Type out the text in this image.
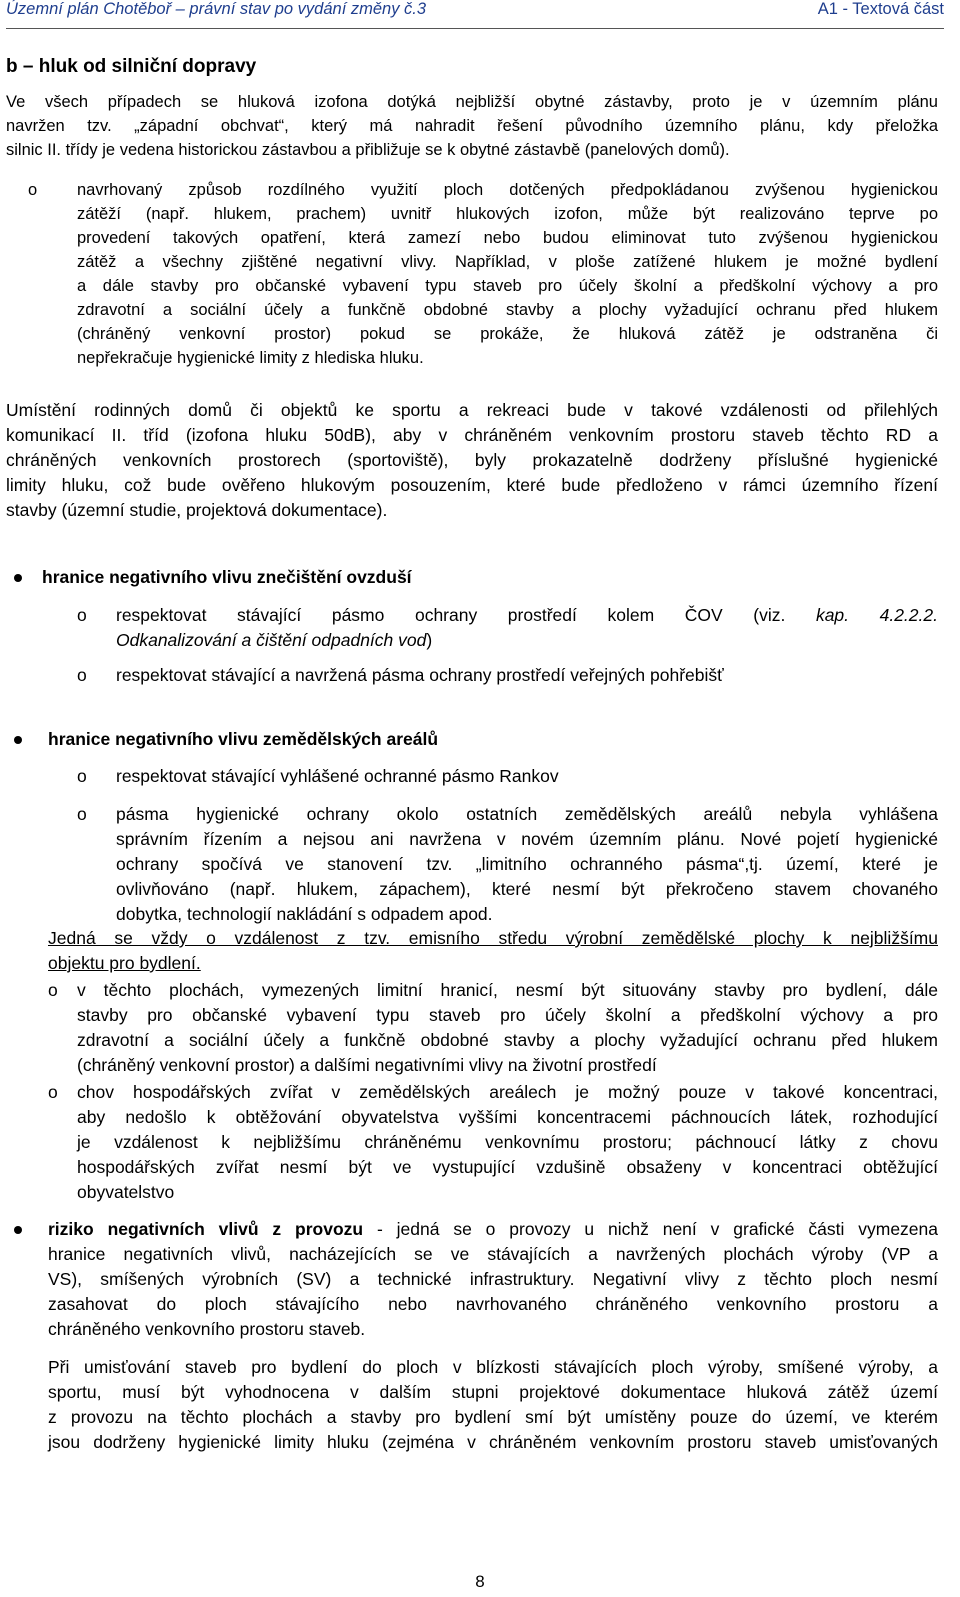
Územní plán Chotěboř – právní stav po vydání změny č.3	A1 - Textová část
b – hluk od silniční dopravy
Ve všech případech se hluková izofona dotýká nejbližší obytné zástavby, proto je v územním plánu
navržen tzv. „západní obchvat“, který má nahradit řešení původního územního plánu, kdy přeložka
silnic II. třídy je vedena historickou zástavbou a přibližuje se k obytné zástavbě (panelových domů).
o navrhovaný způsob rozdílného využití ploch dotčených předpokládanou zvýšenou hygienickou
zátěží (např. hlukem, prachem) uvnitř hlukových izofon, může být realizováno teprve po
provedení takových opatření, která zamezí nebo budou eliminovat tuto zvýšenou hygienickou
zátěž a všechny zjištěné negativní vlivy. Například, v ploše zatížené hlukem je možné bydlení
a dále stavby pro občanské vybavení typu staveb pro účely školní a předškolní výchovy a pro
zdravotní a sociální účely a funkčně obdobné stavby a plochy vyžadující ochranu před hlukem
(chráněný venkovní prostor) pokud se prokáže, že hluková zátěž je odstraněna či
nepřekračuje hygienické limity z hlediska hluku.
Umístění rodinných domů či objektů ke sportu a rekreaci bude v takové vzdálenosti od přilehlých
komunikací II. tříd (izofona hluku 50dB), aby v chráněném venkovním prostoru staveb těchto RD a
chráněných venkovních prostorech (sportoviště), byly prokazatelně dodrženy příslušné hygienické
limity hluku, což bude ověřeno hlukovým posouzením, které bude předloženo v rámci územního řízení
stavby (územní studie, projektová dokumentace).
hranice negativního vlivu znečištění ovzduší
o respektovat stávající pásmo ochrany prostředí kolem ČOV (viz. kap. 4.2.2.2.
Odkanalizování a čištění odpadních vod)
o respektovat stávající a navržená pásma ochrany prostředí veřejných pohřebišť
hranice negativního vlivu zemědělských areálů
o respektovat stávající vyhlášené ochranné pásmo Rankov
o pásma hygienické ochrany okolo ostatních zemědělských areálů nebyla vyhlášena
správním řízením a nejsou ani navržena v novém územním plánu. Nové pojetí hygienické
ochrany spočívá ve stanovení tzv. „limitního ochranného pásma“,tj. území, které je
ovlivňováno (např. hlukem, zápachem), které nesmí být překročeno stavem chovaného
dobytka, technologií nakládání s odpadem apod.
Jedná se vždy o vzdálenost z tzv. emisního středu výrobní zemědělské plochy k nejbližšímu
objektu pro bydlení.
o v těchto plochách, vymezených limitní hranicí, nesmí být situovány stavby pro bydlení, dále
stavby pro občanské vybavení typu staveb pro účely školní a předškolní výchovy a pro
zdravotní a sociální účely a funkčně obdobné stavby a plochy vyžadující ochranu před hlukem
(chráněný venkovní prostor) a dalšími negativními vlivy na životní prostředí
o chov hospodářských zvířat v zemědělských areálech je možný pouze v takové koncentraci,
aby nedošlo k obtěžování obyvatelstva vyššími koncentracemi páchnoucích látek, rozhodující
je vzdálenost k nejbližšímu chráněnému venkovnímu prostoru; páchnoucí látky z chovu
hospodářských zvířat nesmí být ve vystupující vzdušině obsaženy v koncentraci obtěžující
obyvatelstvo
riziko negativních vlivů z provozu - jedná se o provozy u nichž není v grafické části vymezena
hranice negativních vlivů, nacházejících se ve stávajících a navržených plochách výroby (VP a
VS), smíšených výrobních (SV) a technické infrastruktury. Negativní vlivy z těchto ploch nesmí
zasahovat do ploch stávajícího nebo navrhovaného chráněného venkovního prostoru a
chráněného venkovního prostoru staveb.
Při umisťování staveb pro bydlení do ploch v blízkosti stávajících ploch výroby, smíšené výroby, a
sportu, musí být vyhodnocena v dalším stupni projektové dokumentace hluková zátěž území
z provozu na těchto plochách a stavby pro bydlení smí být umístěny pouze do území, ve kterém
jsou dodrženy hygienické limity hluku (zejména v chráněném venkovním prostoru staveb umisťovaných
8
